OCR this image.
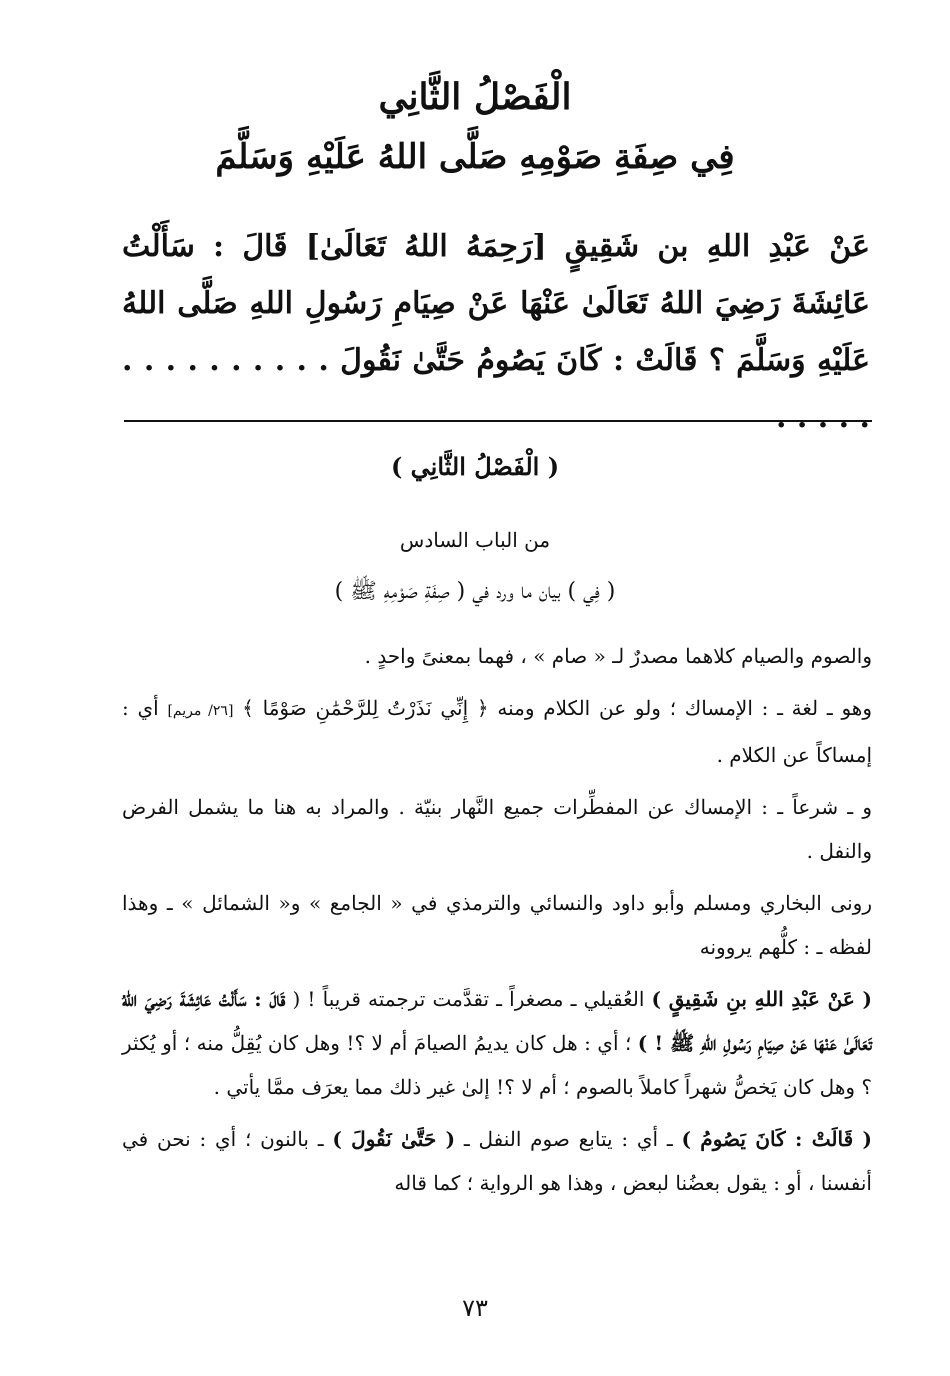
الْفَصْلُ الثَّانِي
فِي صِفَةِ صَوْمِهِ صَلَّى اللهُ عَلَيْهِ وَسَلَّمَ
عَنْ عَبْدِ اللهِ بن شَقِيقٍ [رَحِمَهُ اللهُ تَعَالَىٰ] قَالَ : سَأَلْتُ عَائِشَةَ رَضِيَ اللهُ تَعَالَىٰ عَنْهَا عَنْ صِيَامِ رَسُولِ اللهِ صَلَّى اللهُ عَلَيْهِ وَسَلَّمَ ؟ قَالَتْ : كَانَ يَصُومُ حَتَّىٰ نَقُولَ . . . . . . . . . . . . . . .
( الْفَصْلُ الثَّانِي )
من الباب السادس
( فِي ) بيان ما ورد في ( صِفَةِ صَوْمِهِ ﷺ )

والصوم والصيام كلاهما مصدرٌ لـ « صام » ، فهما بمعنىً واحدٍ .

وهو ـ لغة ـ : الإمساك ؛ ولو عن الكلام ومنه ﴿ إِنِّي نَذَرْتُ لِلرَّحْمَٰنِ صَوْمًا ﴾ [٢٦/ مريم] أي : إمساكاً عن الكلام .

و ـ شرعاً ـ : الإمساك عن المفطِّرات جميع النَّهار بنيّة . والمراد به هنا ما يشمل الفرض والنفل .

رونى البخاري ومسلم وأبو داود والنسائي والترمذي في « الجامع » و« الشمائل » ـ وهذا لفظه ـ : كلُّهم يروونه

( عَنْ عَبْدِ اللهِ بنِ شَقِيقٍ ) العُقيلي ـ مصغراً ـ تقدَّمت ترجمته قريباً ! ( قَالَ : سَأَلْتُ عَائِشَةَ رَضِيَ اللهُ تَعَالَىٰ عَنْهَا عَنْ صِيَامِ رَسُولِ اللهِ ﷺ ! ) ؛ أي : هل كان يديمُ الصيامَ أم لا ؟! وهل كان يُقِلُّ منه ؛ أو يُكثر ؟ وهل كان يَخصُّ شهراً كاملاً بالصوم ؛ أم لا ؟! إلىٰ غير ذلك مما يعرَف ممَّا يأتي .

( قَالَتْ : كَانَ يَصُومُ ) ـ أي : يتابع صوم النفل ـ ( حَتَّىٰ نَقُولَ ) ـ بالنون ؛ أي : نحن في أنفسنا ، أو : يقول بعضُنا لبعض ، وهذا هو الرواية ؛ كما قاله

٧٣
